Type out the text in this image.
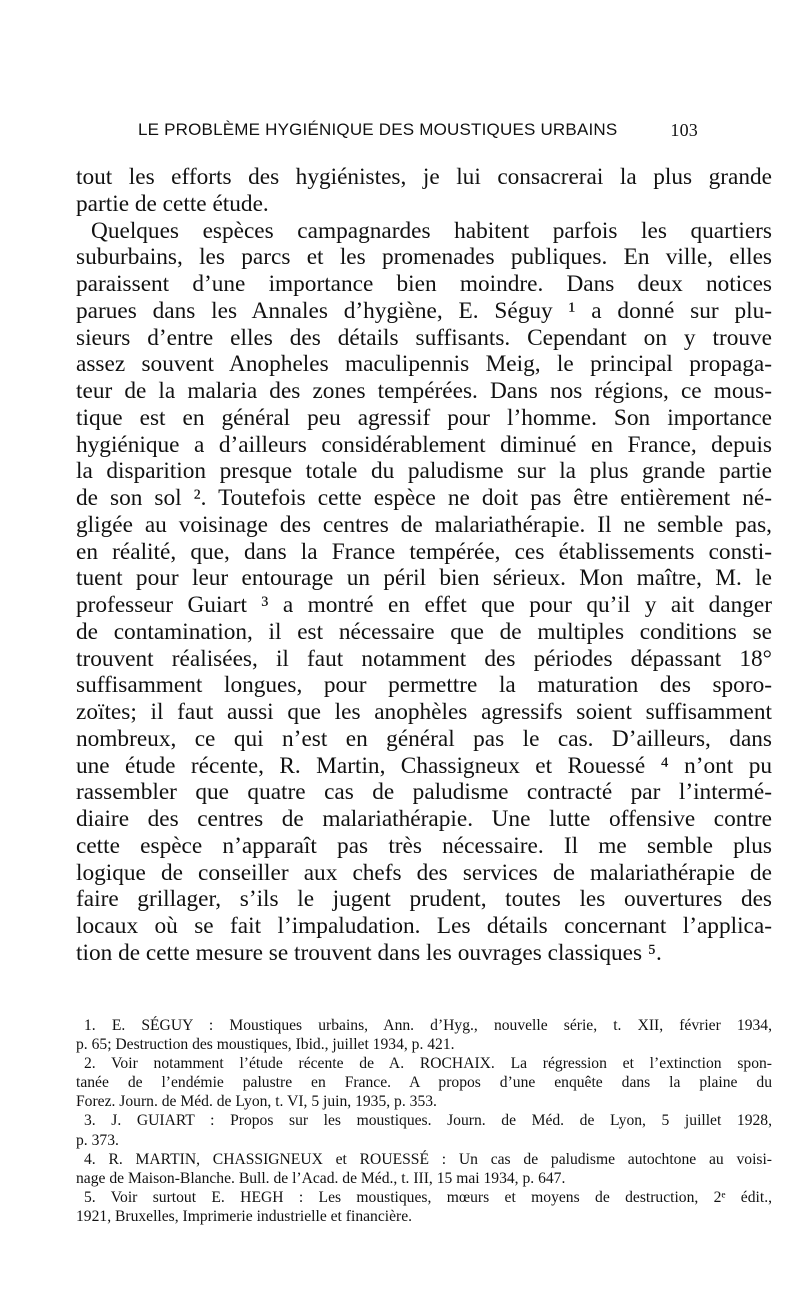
LE PROBLÈME HYGIÉNIQUE DES MOUSTIQUES URBAINS	103
tout les efforts des hygiénistes, je lui consacrerai la plus grande
partie de cette étude.
Quelques espèces campagnardes habitent parfois les quartiers
suburbains, les parcs et les promenades publiques. En ville, elles
paraissent d’une importance bien moindre. Dans deux notices
parues dans les Annales d’hygiène, E. Séguy ¹ a donné sur plu-
sieurs d’entre elles des détails suffisants. Cependant on y trouve
assez souvent Anopheles maculipennis Meig, le principal propaga-
teur de la malaria des zones tempérées. Dans nos régions, ce mous-
tique est en général peu agressif pour l’homme. Son importance
hygiénique a d’ailleurs considérablement diminué en France, depuis
la disparition presque totale du paludisme sur la plus grande partie
de son sol ². Toutefois cette espèce ne doit pas être entièrement né-
gligée au voisinage des centres de malariathérapie. Il ne semble pas,
en réalité, que, dans la France tempérée, ces établissements consti-
tuent pour leur entourage un péril bien sérieux. Mon maître, M. le
professeur Guiart ³ a montré en effet que pour qu’il y ait danger
de contamination, il est nécessaire que de multiples conditions se
trouvent réalisées, il faut notamment des périodes dépassant 18°
suffisamment longues, pour permettre la maturation des sporo-
zoïtes; il faut aussi que les anophèles agressifs soient suffisamment
nombreux, ce qui n’est en général pas le cas. D’ailleurs, dans
une étude récente, R. Martin, Chassigneux et Rouessé ⁴ n’ont pu
rassembler que quatre cas de paludisme contracté par l’intermé-
diaire des centres de malariathérapie. Une lutte offensive contre
cette espèce n’apparaît pas très nécessaire. Il me semble plus
logique de conseiller aux chefs des services de malariathérapie de
faire grillager, s’ils le jugent prudent, toutes les ouvertures des
locaux où se fait l’impaludation. Les détails concernant l’applica-
tion de cette mesure se trouvent dans les ouvrages classiques ⁵.
1. E. SÉGUY : Moustiques urbains, Ann. d’Hyg., nouvelle série, t. XII, février 1934,
p. 65; Destruction des moustiques, Ibid., juillet 1934, p. 421.
2. Voir notamment l’étude récente de A. ROCHAIX. La régression et l’extinction spon-
tanée de l’endémie palustre en France. A propos d’une enquête dans la plaine du
Forez. Journ. de Méd. de Lyon, t. VI, 5 juin, 1935, p. 353.
3. J. GUIART : Propos sur les moustiques. Journ. de Méd. de Lyon, 5 juillet 1928,
p. 373.
4. R. MARTIN, CHASSIGNEUX et ROUESSÉ : Un cas de paludisme autochtone au voisi-
nage de Maison-Blanche. Bull. de l’Acad. de Méd., t. III, 15 mai 1934, p. 647.
5. Voir surtout E. HEGH : Les moustiques, mœurs et moyens de destruction, 2ᵉ édit.,
1921, Bruxelles, Imprimerie industrielle et financière.
